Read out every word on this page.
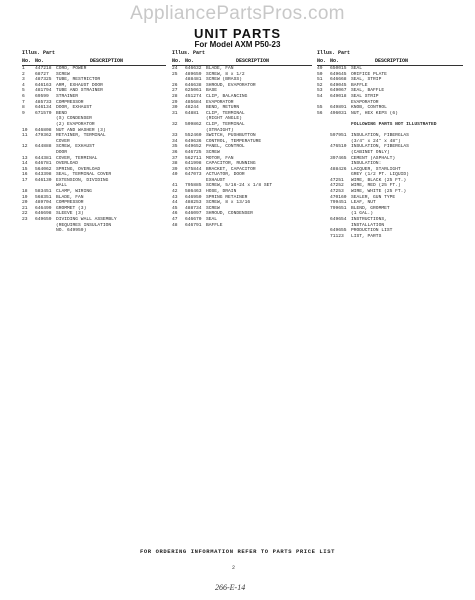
AppliancePartsPros.com
UNIT PARTS
For Model AXM P50-23
Illus. Part
No. No.	DESCRIPTION
1	447218 CORD, POWER
2	68727	SCREW
3	487325 TUBE, RESTRICTOR
4	646163 ARM, EXHAUST DOOR
5	481794 TUBE AND STRAINER
6	69599	STRAINER
7	485733 COMPRESSOR
8	646134 DOOR, EXHAUST
9	671570 BEND
(S) CONDENSER
(2) EVAPORATOR
10	646808 NUT AND WASHER (3)
11	479362 RETAINER, TERMINAL
COVER
12	644888 SCREW, EXHAUST
DOOR
13	644381 COVER, TERMINAL
14	646781 OVERLOAD
15	564062 SPRING, OVERLOAD
16	643398 SEAL, TERMINAL COVER
17	646130 EXTENSION, DIVIDING
WALL
18	583451 CLAMP, WIRING
19	568351 BLADE, FAN
20	489704 COMPRESSOR
21	646499 GROMMET (3)
22	646698 SLEEVE (3)
23	649659 DIVIDING WALL ASSEMBLY
(REQUIRES INSULATION
NO. 649959)
Illus. Part
No. No.	DESCRIPTION
24	646632 BLADE, FAN
25	489659 SCREW, 8 x 1/2
488481 SCREW (BRASS)
26	646638 SHROUD, EVAPORATOR
27	625061 BASE
28	451274 CLIP, BALANCING
29	485684 EVAPORATOR
30	48244	BEND, RETURN
31	64881	CLIP, TERMINAL
(RIGHT ANGLE)
32	509862 CLIP, TERMINAL
(STRAIGHT)
33	552460 SWITCH, PUSHBUTTON
34	649636 CONTROL, TEMPERATURE
35	649652 PANEL, CONTROL
36	646725 SCREW
37	562711 MOTOR, FAN
38	641998 CAPACITOR, RUNNING
39	675844 BRACKET, CAPACITOR
40	647073 ACTUATOR, DOOR
EXHAUST
41	795885 SCREW, 5/16-24 x 1/8 SET
42	586463 HOSE, DRAIN
43	646950 SPRING RETAINER
44	488253 SCREW, 8 x 13/16
45	488734 SCREW
46	646097 SHROUD, CONDENSER
47	646670 SEAL
48	646791 BAFFLE
Illus. Part
No. No.	DESCRIPTION
49	650015 SEAL
50	649645 ORIFICE PLATE
51	646668 SEAL, STRIP
52	649045 BAFFLE
53	649067 SEAL, BAFFLE
54	649018 SEAL STRIP
EVAPORATOR
55	649891 KNOB, CONTROL
56	496031 NUT, HEX KEPS (6)
FOLLOWING PARTS NOT ILLUSTRATED
597951 INSULATION, FIBERGLAS
(3/4" x 24" x 48")
476510 INSULATION, FIBERGLAS
(CABINET ONLY)
397465 CEMENT (ASPHALT)
INSULATION:
488426 LACQUER, STARLIGHT
GREY (1/2 PT. LIQUID)
47251	WIRE, BLACK (25 FT.)
47252	WIRE, RED (25 FT.)
47253	WIRE, WHITE (25 FT.)
470160 SEALER, GUN TYPE
799451 LEAF, NUT
799651 BLEND, GROMMET
(1 GAL.)
649654 INSTRUCTIONS,
INSTALLATION
649655 PRODUCTION LIST
71123	LIST, PARTS
FOR ORDERING INFORMATION REFER TO PARTS PRICE LIST
2
266-E-14
